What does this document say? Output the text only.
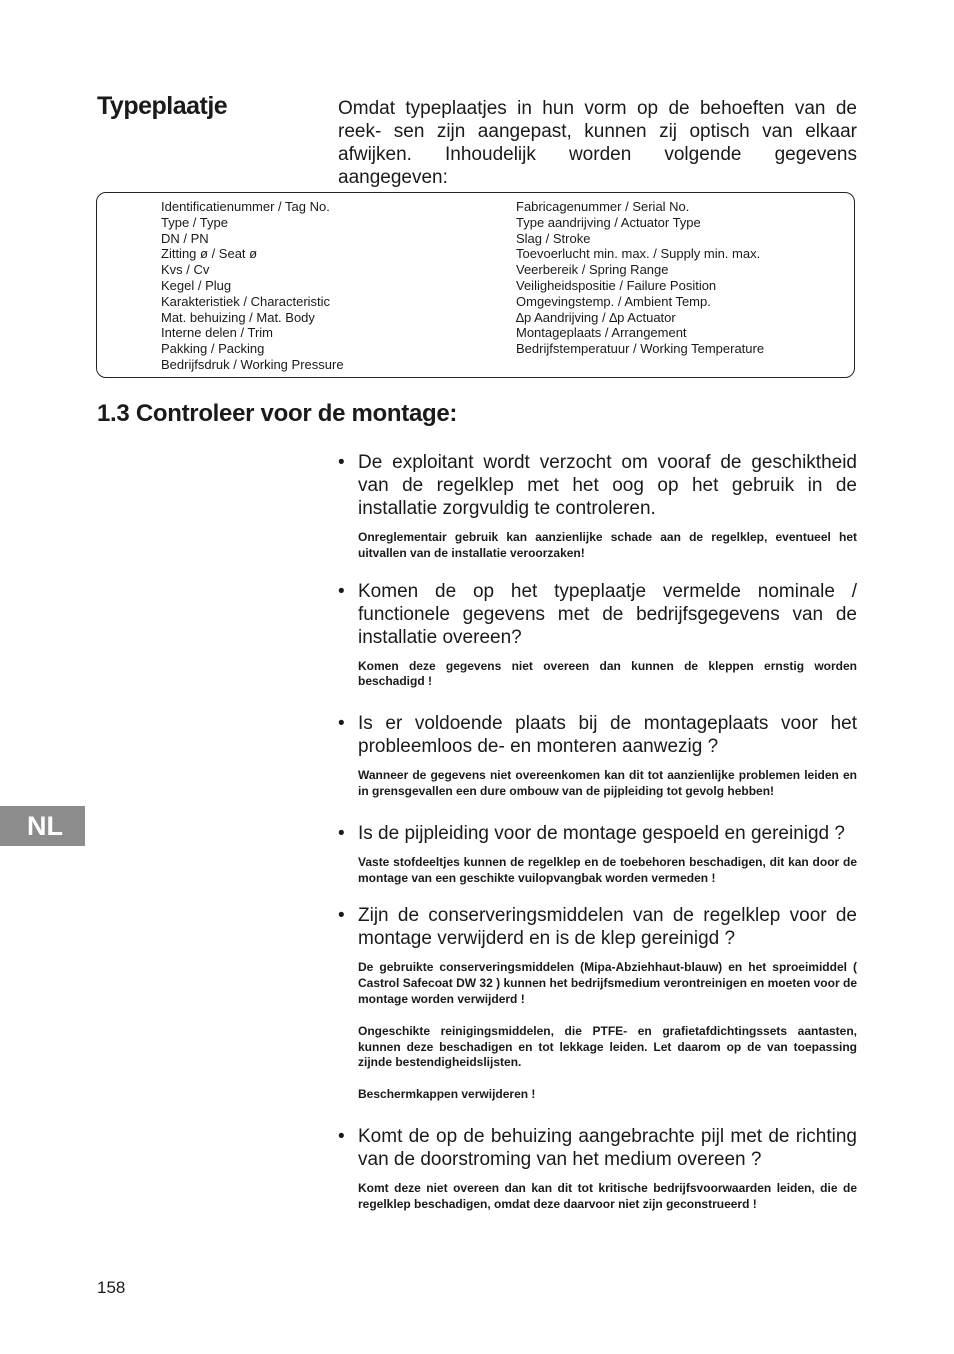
Typeplaatje	Omdat typeplaatjes in hun vorm op de behoeften van de reek- sen zijn aangepast, kunnen zij optisch van elkaar afwijken. Inhoudelijk worden volgende gegevens aangegeven:
Identificatienummer / Tag No.
Type / Type
DN / PN
Zitting ø / Seat ø
Kvs / Cv
Kegel / Plug
Karakteristiek / Characteristic
Mat. behuizing / Mat. Body
Interne delen / Trim
Pakking / Packing
Bedrijfsdruk / Working Pressure
Fabricagenummer / Serial No.
Type aandrijving / Actuator Type
Slag / Stroke
Toevoerlucht min. max. / Supply min. max.
Veerbereik / Spring Range
Veiligheidspositie / Failure Position
Omgevingstemp. / Ambient Temp.
∆p Aandrijving / ∆p Actuator
Montageplaats / Arrangement
Bedrijfstemperatuur / Working Temperature
1.3 Controleer voor de montage:
• De exploitant wordt verzocht om vooraf de geschiktheid van de regelklep met het oog op het gebruik in de installatie zorgvuldig te controleren.
Onreglementair gebruik kan aanzienlijke schade aan de regelklep, eventueel het uitvallen van de installatie veroorzaken!
• Komen de op het typeplaatje vermelde nominale / functionele gegevens met de bedrijfsgegevens van de installatie overeen?
Komen deze gegevens niet overeen dan kunnen de kleppen ernstig worden beschadigd !
• Is er voldoende plaats bij de montageplaats voor het probleemloos de- en monteren aanwezig ?
Wanneer de gegevens niet overeenkomen kan dit tot aanzienlijke problemen leiden en in grensgevallen een dure ombouw van de pijpleiding tot gevolg hebben!
• Is de pijpleiding voor de montage gespoeld en gereinigd ?
Vaste stofdeeltjes kunnen de regelklep en de toebehoren beschadigen, dit kan door de montage van een geschikte vuilopvangbak worden vermeden !
• Zijn de conserveringsmiddelen van de regelklep voor de montage verwijderd en is de klep gereinigd ?
De gebruikte conserveringsmiddelen (Mipa-Abziehhaut-blauw) en het sproeimiddel ( Castrol Safecoat DW 32 ) kunnen het bedrijfsmedium verontreinigen en moeten voor de montage worden verwijderd !
Ongeschikte reinigingsmiddelen, die PTFE- en grafietafdichtingssets aantasten, kunnen deze beschadigen en tot lekkage leiden. Let daarom op de van toepassing zijnde bestendigheidslijsten.
Beschermkappen verwijderen !
• Komt de op de behuizing aangebrachte pijl met de richting van de doorstroming van het medium overeen ?
Komt deze niet overeen dan kan dit tot kritische bedrijfsvoorwaarden leiden, die de regelklep beschadigen, omdat deze daarvoor niet zijn geconstrueerd !
NL
158
